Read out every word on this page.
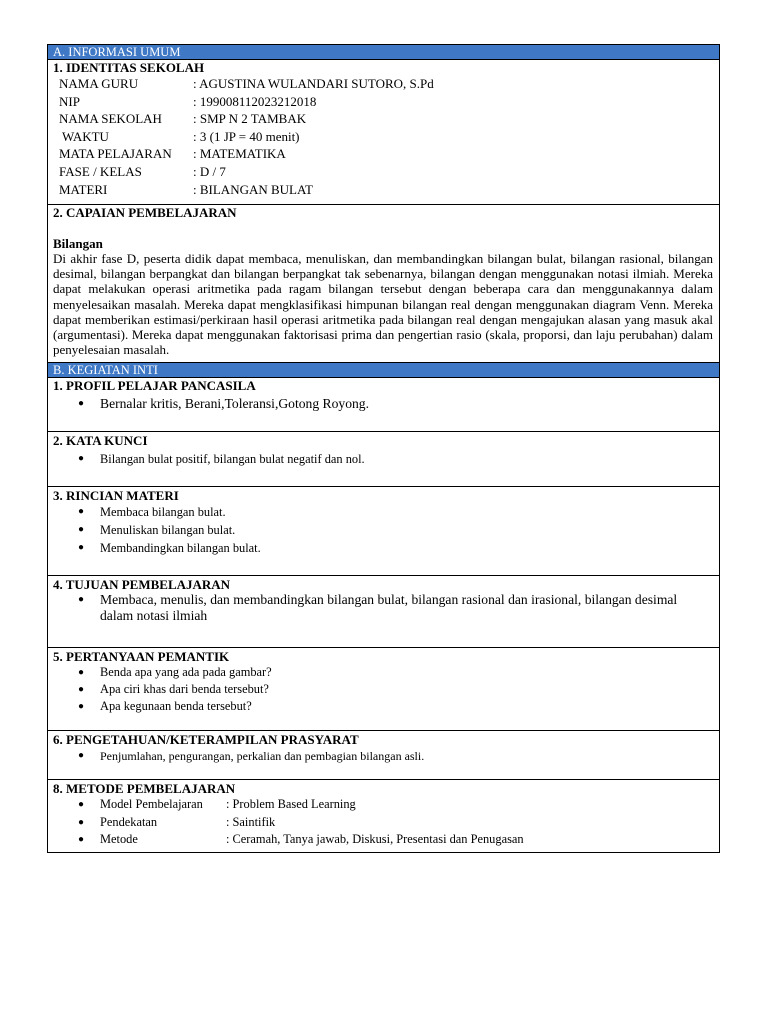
A. INFORMASI UMUM
1. IDENTITAS SEKOLAH
NAMA GURU	: AGUSTINA WULANDARI SUTORO, S.Pd
NIP	: 199008112023212018
NAMA SEKOLAH : SMP N 2 TAMBAK
WAKTU	: 3 (1 JP = 40 menit)
MATA PELAJARAN : MATEMATIKA
FASE / KELAS	: D / 7
MATERI	: BILANGAN BULAT
2. CAPAIAN PEMBELAJARAN
Bilangan
Di akhir fase D, peserta didik dapat membaca, menuliskan, dan membandingkan bilangan bulat, bilangan rasional, bilangan desimal, bilangan berpangkat dan bilangan berpangkat tak sebenarnya, bilangan dengan menggunakan notasi ilmiah. Mereka dapat melakukan operasi aritmetika pada ragam bilangan tersebut dengan beberapa cara dan menggunakannya dalam menyelesaikan masalah. Mereka dapat mengklasifikasi himpunan bilangan real dengan menggunakan diagram Venn. Mereka dapat memberikan estimasi/perkiraan hasil operasi aritmetika pada bilangan real dengan mengajukan alasan yang masuk akal (argumentasi). Mereka dapat menggunakan faktorisasi prima dan pengertian rasio (skala, proporsi, dan laju perubahan) dalam penyelesaian masalah.
B. KEGIATAN INTI
1. PROFIL PELAJAR PANCASILA
● Bernalar kritis, Berani,Toleransi,Gotong Royong.
2. KATA KUNCI
● Bilangan bulat positif, bilangan bulat negatif dan nol.
3. RINCIAN MATERI
● Membaca bilangan bulat.
● Menuliskan bilangan bulat.
● Membandingkan bilangan bulat.
4. TUJUAN PEMBELAJARAN
● Membaca, menulis, dan membandingkan bilangan bulat, bilangan rasional dan irasional, bilangan desimal dalam notasi ilmiah
5. PERTANYAAN PEMANTIK
● Benda apa yang ada pada gambar?
● Apa ciri khas dari benda tersebut?
● Apa kegunaan benda tersebut?
6. PENGETAHUAN/KETERAMPILAN PRASYARAT
● Penjumlahan, pengurangan, perkalian dan pembagian bilangan asli.
8. METODE PEMBELAJARAN
● Model Pembelajaran : Problem Based Learning
● Pendekatan	: Saintifik
● Metode	: Ceramah, Tanya jawab, Diskusi, Presentasi dan Penugasan
